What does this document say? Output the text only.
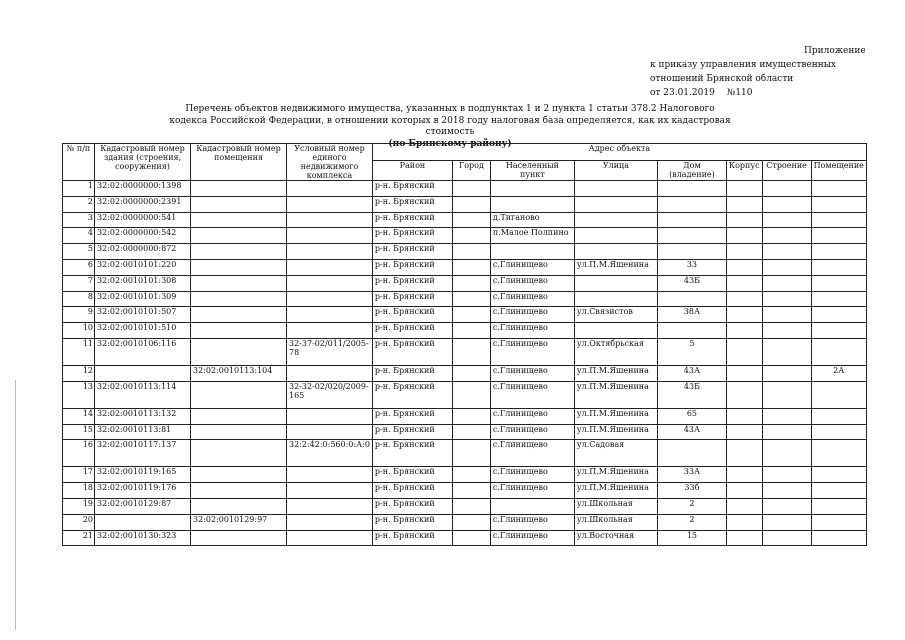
Приложение
к приказу управления имущественных
отношений Брянской области
от 23.01.2019 №110
Перечень объектов недвижимого имущества, указанных в подпунктах 1 и 2 пункта 1 статьи 378.2 Налогового
кодекса Российской Федерации, в отношении которых в 2018 году налоговая база определяется, как их кадастровая стоимость
(по Брянскому району)
№ п/п	Кадастровый номер здания (строения, сооружения)	Кадастровый номер помещения	Условный номер единого недвижимого комплекса	Адрес объекта							
				Район	Город	Населенный пункт	Улица	Дом (владение)	Корпус	Строение	Помещение
1	32:02:0000000:1398			р-н. Брянский							
2	32:02:0000000:2391			р-н. Брянский							
3	32:02:0000000:541			р-н. Брянский		д.Тиганово					
4	32:02:0000000:542			р-н. Брянский		п.Малое Полпино					
5	32:02:0000000:872			р-н. Брянский							
6	32:02:0010101:220			р-н. Брянский		с.Глинищево	ул.П.М.Яшенина	33			
7	32:02:0010101:308			р-н. Брянский		с.Глинищево		43Б			
8	32:02:0010101:309			р-н. Брянский		с.Глинищево					
9	32:02:0010101:507			р-н. Брянский		с.Глинищево	ул.Связистов	38А			
10	32:02:0010101:510			р-н. Брянский		с.Глинищево					
11	32:02:0010106:116		32-37-02/011/2005-78	р-н. Брянский		с.Глинищево	ул.Октябрьская	5			
12		32:02:0010113:104		р-н. Брянский		с.Глинищево	ул.П.М.Яшенина	43А			2А
13	32:02:0010113:114		32-32-02/020/2009-165	р-н. Брянский		с.Глинищево	ул.П.М.Яшенина	43Б			
14	32:02:0010113:132			р-н. Брянский		с.Глинищево	ул.П.М.Яшенина	65			
15	32:02:0010113:81			р-н. Брянский		с.Глинищево	ул.П.М.Яшенина	43А			
16	32:02:0010117:137		32:2:42:0:560:0:А:0	р-н. Брянский		с.Глинищево	ул.Садовая				
17	32:02:0010119:165			р-н. Брянский		с.Глинищево	ул.П.М.Яшенина	33А			
18	32:02:0010119:176			р-н. Брянский		с.Глинищево	ул.П.М.Яшенина	33б			
19	32:02:0010129:87			р-н. Брянский			ул.Школьная	2			
20		32:02:0010129:97		р-н. Брянский		с.Глинищево	ул.Школьная	2			
21	32:02:0010130:323			р-н. Брянский		с.Глинищево	ул.Восточная	15			
